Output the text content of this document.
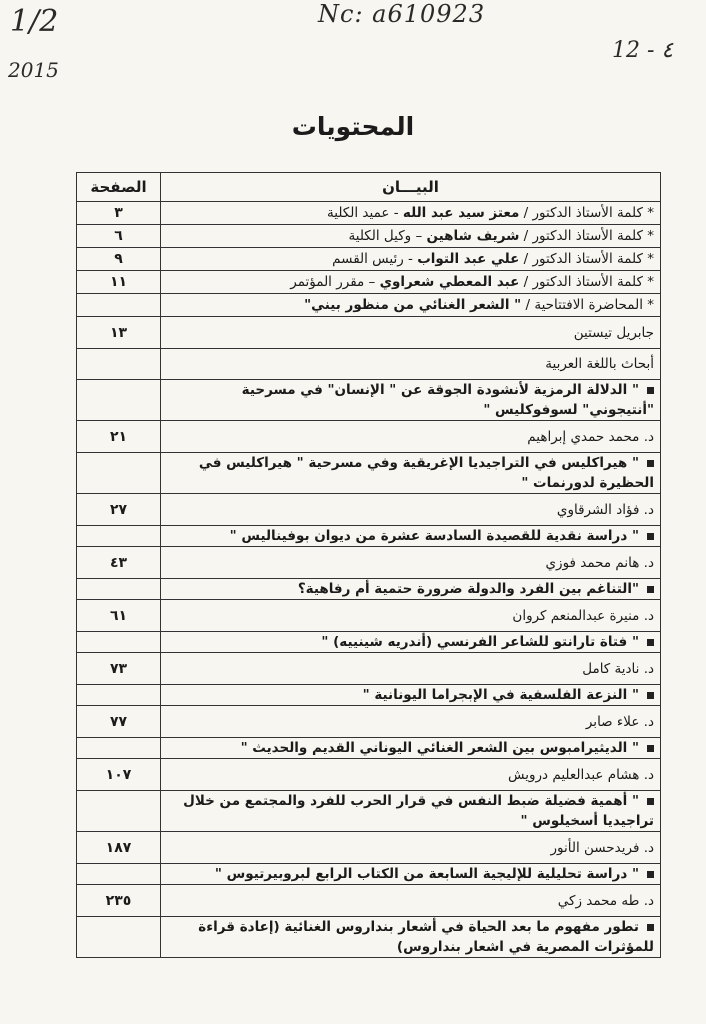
1/2
2015
Nc: a610923
12 - ٤
المحتويات
البيـــان	الصفحة
* كلمة الأستاذ الدكتور / معتز سيد عبد الله - عميد الكلية	٣
* كلمة الأستاذ الدكتور / شريف شاهين – وكيل الكلية	٦
* كلمة الأستاذ الدكتور / علي عبد التواب - رئيس القسم	٩
* كلمة الأستاذ الدكتور / عبد المعطي شعراوي – مقرر المؤتمر	١١
* المحاضرة الافتتاحية / " الشعر الغنائي من منظور بيني"	
جابريل تيستين	١٣
أبحاث باللغة العربية	
" الدلالة الرمزية لأنشودة الجوقة عن " الإنسان" في مسرحية "أنتيجوني" لسوفوكليس "	
د. محمد حمدي إبراهيم	٢١
" هيراكليس في التراجيديا الإغريقية وفي مسرحية " هيراكليس في الحظيرة لدورنمات "	
د. فؤاد الشرقاوي	٢٧
" دراسة نقدية للقصيدة السادسة عشرة من ديوان بوفيناليس "	
د. هانم محمد فوزي	٤٣
"التناغم بين الفرد والدولة ضرورة حتمية أم رفاهية؟	
د. منيرة عبدالمنعم كروان	٦١
" فتاة تارانتو للشاعر الفرنسي (أندريه شينييه) "	
د. نادية كامل	٧٣
" النزعة الفلسفية في الإبجراما اليونانية "	
د. علاء صابر	٧٧
" الديثيرامبوس بين الشعر الغنائي اليوناني القديم والحديث "	
د. هشام عبدالعليم درويش	١٠٧
" أهمية فضيلة ضبط النفس في قرار الحرب للفرد والمجتمع من خلال تراجيديا أسخيلوس "	
د. فريدحسن الأنور	١٨٧
" دراسة تحليلية للإليجية السابعة من الكتاب الرابع لبروبيرتيوس "	
د. طه محمد زكي	٢٣٥
تطور مفهوم ما بعد الحياة في أشعار بنداروس الغنائية (إعادة قراءة للمؤثرات المصرية في اشعار بنداروس)	
